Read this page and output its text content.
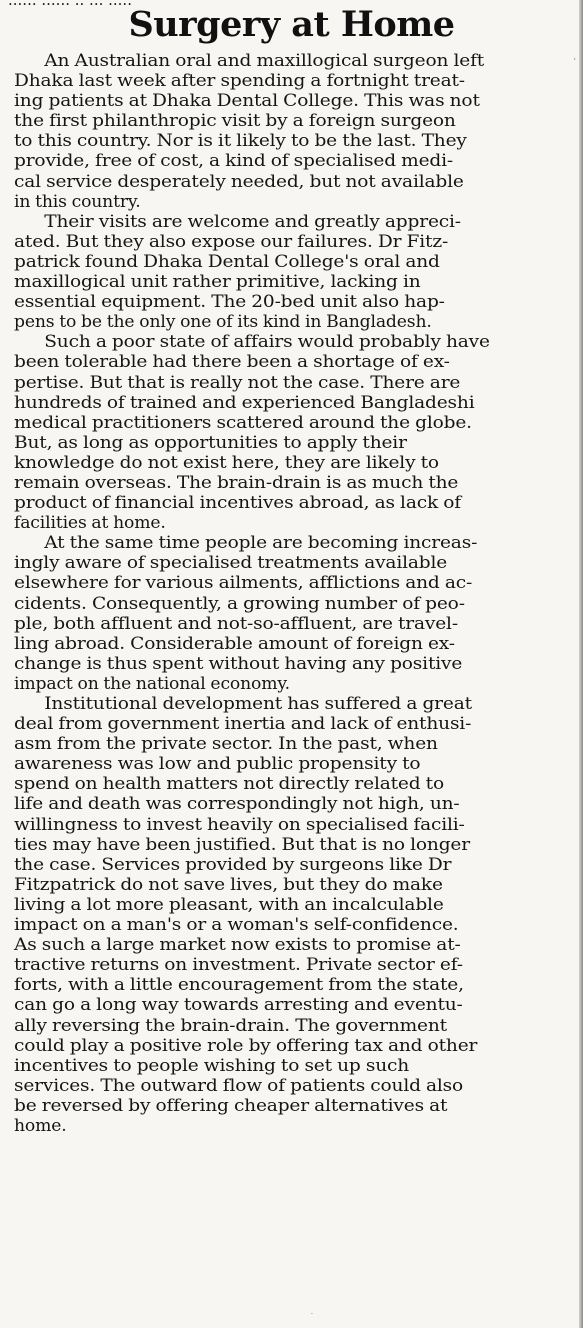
...... ...... .. ... .....
Surgery at Home

An Australian oral and maxillogical surgeon left
Dhaka last week after spending a fortnight treat-
ing patients at Dhaka Dental College. This was not
the first philanthropic visit by a foreign surgeon
to this country. Nor is it likely to be the last. They
provide, free of cost, a kind of specialised medi-
cal service desperately needed, but not available
in this country.

Their visits are welcome and greatly appreci-
ated. But they also expose our failures. Dr Fitz-
patrick found Dhaka Dental College's oral and
maxillogical unit rather primitive, lacking in
essential equipment. The 20-bed unit also hap-
pens to be the only one of its kind in Bangladesh.

Such a poor state of affairs would probably have
been tolerable had there been a shortage of ex-
pertise. But that is really not the case. There are
hundreds of trained and experienced Bangladeshi
medical practitioners scattered around the globe.
But, as long as opportunities to apply their
knowledge do not exist here, they are likely to
remain overseas. The brain-drain is as much the
product of financial incentives abroad, as lack of
facilities at home.

At the same time people are becoming increas-
ingly aware of specialised treatments available
elsewhere for various ailments, afflictions and ac-
cidents. Consequently, a growing number of peo-
ple, both affluent and not-so-affluent, are travel-
ling abroad. Considerable amount of foreign ex-
change is thus spent without having any positive
impact on the national economy.

Institutional development has suffered a great
deal from government inertia and lack of enthusi-
asm from the private sector. In the past, when
awareness was low and public propensity to
spend on health matters not directly related to
life and death was correspondingly not high, un-
willingness to invest heavily on specialised facili-
ties may have been justified. But that is no longer
the case. Services provided by surgeons like Dr
Fitzpatrick do not save lives, but they do make
living a lot more pleasant, with an incalculable
impact on a man's or a woman's self-confidence.
As such a large market now exists to promise at-
tractive returns on investment. Private sector ef-
forts, with a little encouragement from the state,
can go a long way towards arresting and eventu-
ally reversing the brain-drain. The government
could play a positive role by offering tax and other
incentives to people wishing to set up such
services. The outward flow of patients could also
be reversed by offering cheaper alternatives at
home.

·
·
